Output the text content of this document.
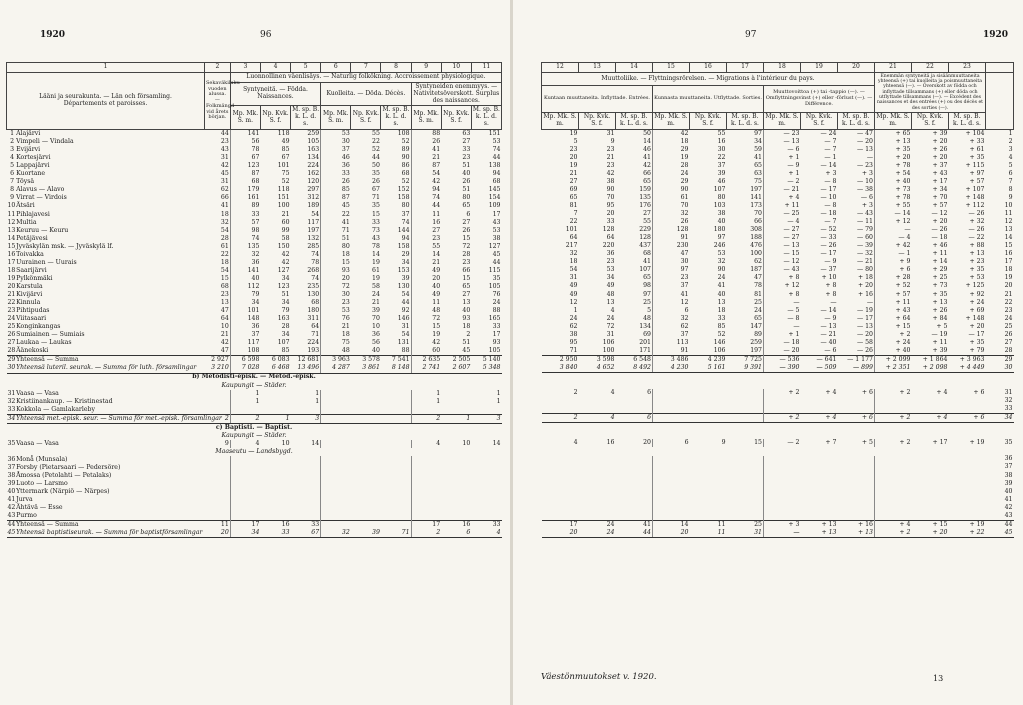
1920	96
1		2	3	4	5	6	7	8	9	10	11
Lääni ja seurakunta. — Län och församling.
Départements et paroisses.		Sekaväkiluku vuoden alussa. — Folkmängd vid årets början.	Luonnollinen väenlisäys. — Naturlig folkökning. Accroissement physiologique.								
			Syntyneitä. — Födda. Naissances.			Kuolleita. — Döda. Décès.			Syntyneiden enemmyys. — Nativitetsöverskott. Surplus des naissances.		
			Mp. Mk. S. m.	Np. Kvk. S. f.	M. sp. B. k. L. d. s.	Mp. Mk. S. m.	Np. Kvk. S. f.	M. sp. B. k. L. d. s.	Mp. Mk. S. m.	Np. Kvk. S. f.	M. sp. B. k. L. d. s.
1	Alajärvi	44	141	118	259	53	55	108	88	63	151
2	Vimpeli — Vindala	23	56	49	105	30	22	52	26	27	53
3	Evijärvi	43	78	85	163	37	52	89	41	33	74
4	Kortesjärvi	31	67	67	134	46	44	90	21	23	44
5	Lappajärvi	42	123	101	224	36	50	86	87	51	138
6	Kuortane	45	87	75	162	33	35	68	54	40	94
7	Töysä	31	68	52	120	26	26	52	42	26	68
8	Alavus — Alavo	62	179	118	297	85	67	152	94	51	145
9	Virrat — Virdois	66	161	151	312	87	71	158	74	80	154
10	Ätsäri	41	89	100	189	45	35	80	44	65	109
11	Pihlajavesi	18	33	21	54	22	15	37	11	6	17
12	Multia	32	57	60	117	41	33	74	16	27	43
13	Keuruu — Keuru	54	98	99	197	71	73	144	27	26	53
14	Petäjävesi	28	74	58	132	51	43	94	23	15	38
15	Jyväskylän msk. — Jyväskylä lf.	61	135	150	285	80	78	158	55	72	127
16	Toivakka	22	32	42	74	18	14	29	14	28	45
17	Uurainen — Uurais	18	36	42	78	15	19	34	21	23	44
18	Saarijärvi	54	141	127	268	93	61	153	49	66	115
19	Pylkönmäki	15	40	34	74	20	19	39	20	15	35
20	Karstula	68	112	123	235	72	58	130	40	65	105
21	Kivijärvi	23	79	51	130	30	24	54	49	27	76
22	Kinnula	13	34	34	68	23	21	44	11	13	24
23	Pihtipudas	47	101	79	180	53	39	92	48	40	88
24	Viitasaari	64	148	163	311	76	70	146	72	93	165
25	Konginkangas	10	36	28	64	21	10	31	15	18	33
26	Sumiainen — Sumiais	21	37	34	71	18	36	54	19	2	17
27	Laukaa — Laukas	42	117	107	224	75	56	131	42	51	93
28	Äänekoski	47	108	85	193	48	40	88	60	45	105
29	Yhteensä — Summa	2 927	6 598	6 083	12 681	3 963	3 578	7 541	2 635	2 505	5 140
30	Yhteensä luteril. seurak. — Summa för luth. församlingar	3 210	7 028	6 468	13 496	4 287	3 861	8 148	2 741	2 607	5 348
b) Metodisti-episk. — Metod.-episk.											
Kaupungit — Städer.											
31	Vaasa — Vasa		1		1				1		1
32	Kristiinankaup. — Kristinestad		1		1				1		1
33	Kokkola — Gamlakarleby										
34	Yhteensä met.-episk. seur. — Summa för met.-episk. församlingar	2	2	1	3				2	1	3
c) Baptisti. — Baptist.											
Kaupungit — Städer.											
35	Vaasa — Vasa	9	4	10	14				4	10	14
Maaseutu — Landsbygd.											
36	Monå (Munsala)										
37	Forsby (Pietarsaari — Pedersöre)										
38	Åmossa (Petolahti — Petalaks)										
39	Luoto — Larsmo										
40	Yttermark (Närpiö — Närpes)										
41	Jurva										
42	Ähtävä — Esse										
43	Purmo										
44	Yhteensä — Summa	11	17	16	33				17	16	33
45	Yhteensä baptistiseurak. — Summa för baptistförsamlingar	20	34	33	67	32	39	71	2	6	4
97	1920
12	13	14	15	16	17	18	19	20	21	22	23	
Muuttoliike. — Flyttningsrörelsen. — Migrations à l'intérieur du pays.									Enemmän syntyneitä ja sisäänmuuttaneita yhteensä (+) tai kuolleita ja poismuuttaneita yhteensä (—). — Överskott av födda och inflyttade tillsammans (+) eller döda och utflyttade tillsammans (—). — Excédent des naissances et des entrées (+) ou des décès et des sorties (—).			
Kuntaan muuttaneita. Inflyttade. Entrées.			Kunnasta muuttaneita. Utflyttade. Sorties.			Muuttovoittoa (+) tai -tappio (—). — Omflyttningsvinst (+) eller -förlust (—). — Différence.						
Mp. Mk. S. m.	Np. Kvk. S. f.	M. sp. B. k. L. d. s.	Mp. Mk. S. m.	Np. Kvk. S. f.	M. sp. B. k. L. d. s.	Mp. Mk. S. m.	Np. Kvk. S. f.	M. sp. B. k. L. d. s.	Mp. Mk. S. m.	Np. Kvk. S. f.	M. sp. B. k. L. d. s.	
19	31	50	42	55	97	— 23	— 24	— 47	+ 65	+ 39	+ 104	1
5	9	14	18	16	34	— 13	— 7	— 20	+ 13	+ 20	+ 33	2
23	23	46	29	30	59	— 6	— 7	— 13	+ 35	+ 26	+ 61	3
20	21	41	19	22	41	+ 1	— 1	—	+ 20	+ 20	+ 35	4
19	23	42	28	37	65	— 9	— 14	— 23	+ 78	+ 37	+ 115	5
21	42	66	24	39	63	+ 1	+ 3	+ 3	+ 54	+ 43	+ 97	6
27	38	65	29	46	75	— 2	— 8	— 10	+ 40	+ 17	+ 57	7
69	90	159	90	107	197	— 21	— 17	— 38	+ 73	+ 34	+ 107	8
65	70	135	61	80	141	+ 4	— 10	— 6	+ 78	+ 70	+ 148	9
81	95	176	70	103	173	+ 11	— 8	+ 3	+ 55	+ 57	+ 112	10
7	20	27	32	38	70	— 25	— 18	— 43	— 14	— 12	— 26	11
22	33	55	26	40	66	— 4	— 7	— 11	+ 12	+ 20	+ 32	12
101	128	229	128	180	308	— 27	— 52	— 79	—	— 26	— 26	13
64	64	128	91	97	188	— 27	— 33	— 60	— 4	— 18	— 22	14
217	220	437	230	246	476	— 13	— 26	— 39	+ 42	+ 46	+ 88	15
32	36	68	47	53	100	— 15	— 17	— 32	— 1	+ 11	+ 13	16
18	23	41	30	32	62	— 12	— 9	— 21	+ 9	+ 14	+ 23	17
54	53	107	97	90	187	— 43	— 37	— 80	+ 6	+ 29	+ 35	18
31	34	65	23	24	47	+ 8	+ 10	+ 18	+ 28	+ 25	+ 53	19
49	49	98	37	41	78	+ 12	+ 8	+ 20	+ 52	+ 73	+ 125	20
49	48	97	41	40	81	+ 8	+ 8	+ 16	+ 57	+ 35	+ 92	21
12	13	25	12	13	25	—	—	—	+ 11	+ 13	+ 24	22
1	4	5	6	18	24	— 5	— 14	— 19	+ 43	+ 26	+ 69	23
24	24	48	32	33	65	— 8	— 9	— 17	+ 64	+ 84	+ 148	24
62	72	134	62	85	147	—	— 13	— 13	+ 15	+ 5	+ 20	25
38	31	69	37	52	89	+ 1	— 21	— 20	+ 2	— 19	— 17	26
95	106	201	113	146	259	— 18	— 40	— 58	+ 24	+ 11	+ 35	27
71	100	171	91	106	197	— 20	— 6	— 26	+ 40	+ 39	+ 79	28
2 950	3 598	6 548	3 486	4 239	7 725	— 536	— 641	— 1 177	+ 2 099	+ 1 864	+ 3 963	29
3 840	4 652	8 492	4 230	5 161	9 391	— 390	— 509	— 899	+ 2 351	+ 2 098	+ 4 449	30

2	4	6				+ 2	+ 4	+ 6	+ 2	+ 4	+ 6	31
												32
												33
2	4	6				+ 2	+ 4	+ 6	+ 2	+ 4	+ 6	34

4	16	20	6	9	15	— 2	+ 7	+ 5	+ 2	+ 17	+ 19	35

												36
												37
												38
												39
												40
												41
												42
												43
17	24	41	14	11	25	+ 3	+ 13	+ 16	+ 4	+ 15	+ 19	44
20	24	44	20	11	31	—	+ 13	+ 13	+ 2	+ 20	+ 22	45
Väestönmuutokset v. 1920.	13
